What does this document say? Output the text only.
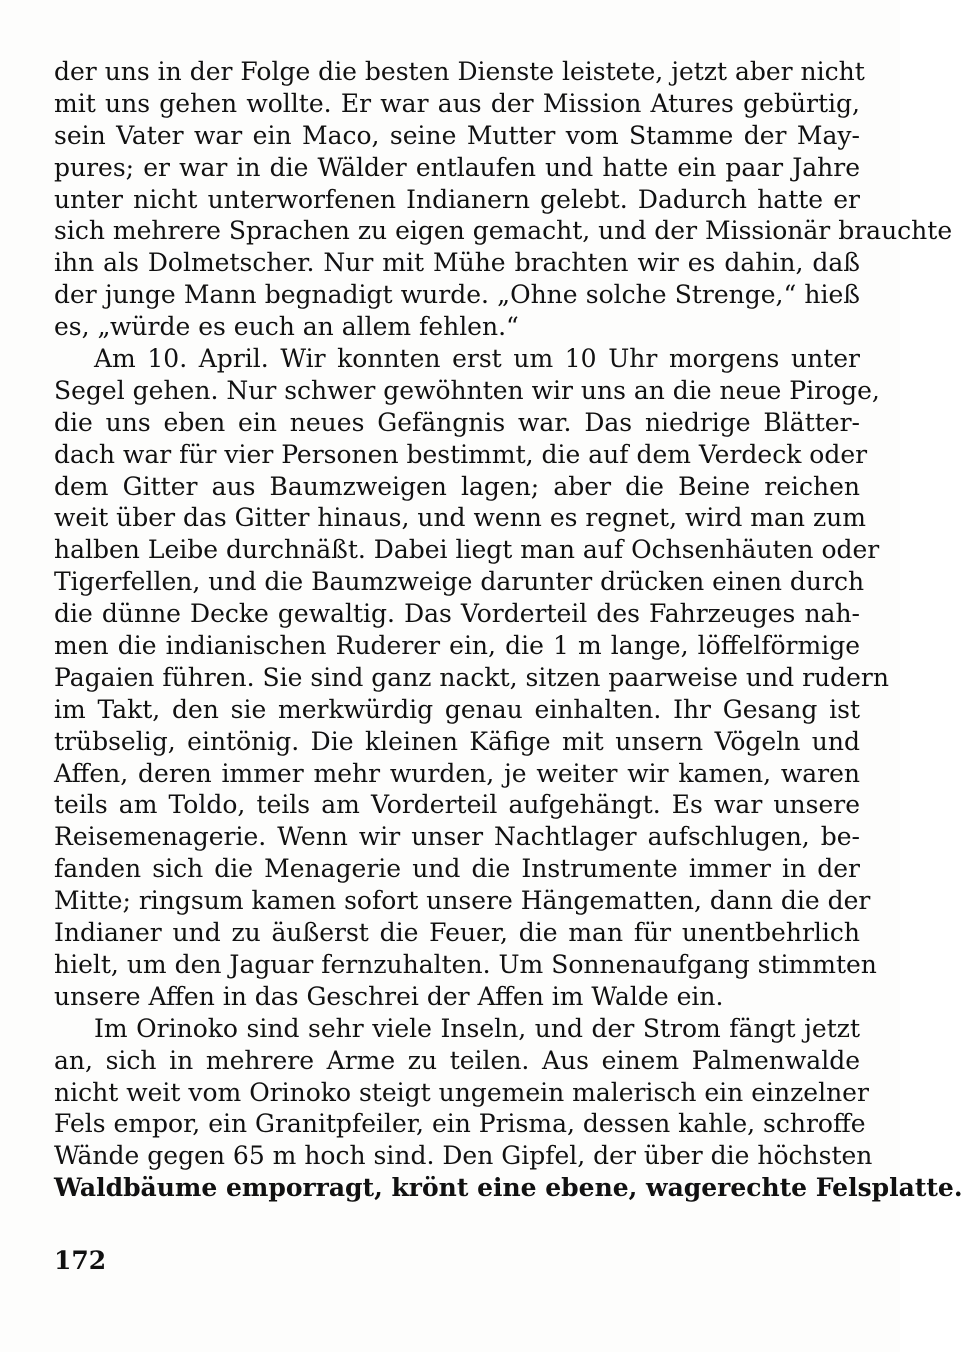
der uns in der Folge die besten Dienste leistete, jetzt aber nicht
mit uns gehen wollte. Er war aus der Mission Atures gebürtig,
sein Vater war ein Maco, seine Mutter vom Stamme der May-
pures; er war in die Wälder entlaufen und hatte ein paar Jahre
unter nicht unterworfenen Indianern gelebt. Dadurch hatte er
sich mehrere Sprachen zu eigen gemacht, und der Missionär brauchte
ihn als Dolmetscher. Nur mit Mühe brachten wir es dahin, daß
der junge Mann begnadigt wurde. „Ohne solche Strenge,“ hieß
es, „würde es euch an allem fehlen.“
Am 10. April. Wir konnten erst um 10 Uhr morgens unter
Segel gehen. Nur schwer gewöhnten wir uns an die neue Piroge,
die uns eben ein neues Gefängnis war. Das niedrige Blätter-
dach war für vier Personen bestimmt, die auf dem Verdeck oder
dem Gitter aus Baumzweigen lagen; aber die Beine reichen
weit über das Gitter hinaus, und wenn es regnet, wird man zum
halben Leibe durchnäßt. Dabei liegt man auf Ochsenhäuten oder
Tigerfellen, und die Baumzweige darunter drücken einen durch
die dünne Decke gewaltig. Das Vorderteil des Fahrzeuges nah-
men die indianischen Ruderer ein, die 1 m lange, löffelförmige
Pagaien führen. Sie sind ganz nackt, sitzen paarweise und rudern
im Takt, den sie merkwürdig genau einhalten. Ihr Gesang ist
trübselig, eintönig. Die kleinen Käfige mit unsern Vögeln und
Affen, deren immer mehr wurden, je weiter wir kamen, waren
teils am Toldo, teils am Vorderteil aufgehängt. Es war unsere
Reisemenagerie. Wenn wir unser Nachtlager aufschlugen, be-
fanden sich die Menagerie und die Instrumente immer in der
Mitte; ringsum kamen sofort unsere Hängematten, dann die der
Indianer und zu äußerst die Feuer, die man für unentbehrlich
hielt, um den Jaguar fernzuhalten. Um Sonnenaufgang stimmten
unsere Affen in das Geschrei der Affen im Walde ein.
Im Orinoko sind sehr viele Inseln, und der Strom fängt jetzt
an, sich in mehrere Arme zu teilen. Aus einem Palmenwalde
nicht weit vom Orinoko steigt ungemein malerisch ein einzelner
Fels empor, ein Granitpfeiler, ein Prisma, dessen kahle, schroffe
Wände gegen 65 m hoch sind. Den Gipfel, der über die höchsten
Waldbäume emporragt, krönt eine ebene, wagerechte Felsplatte.
172
